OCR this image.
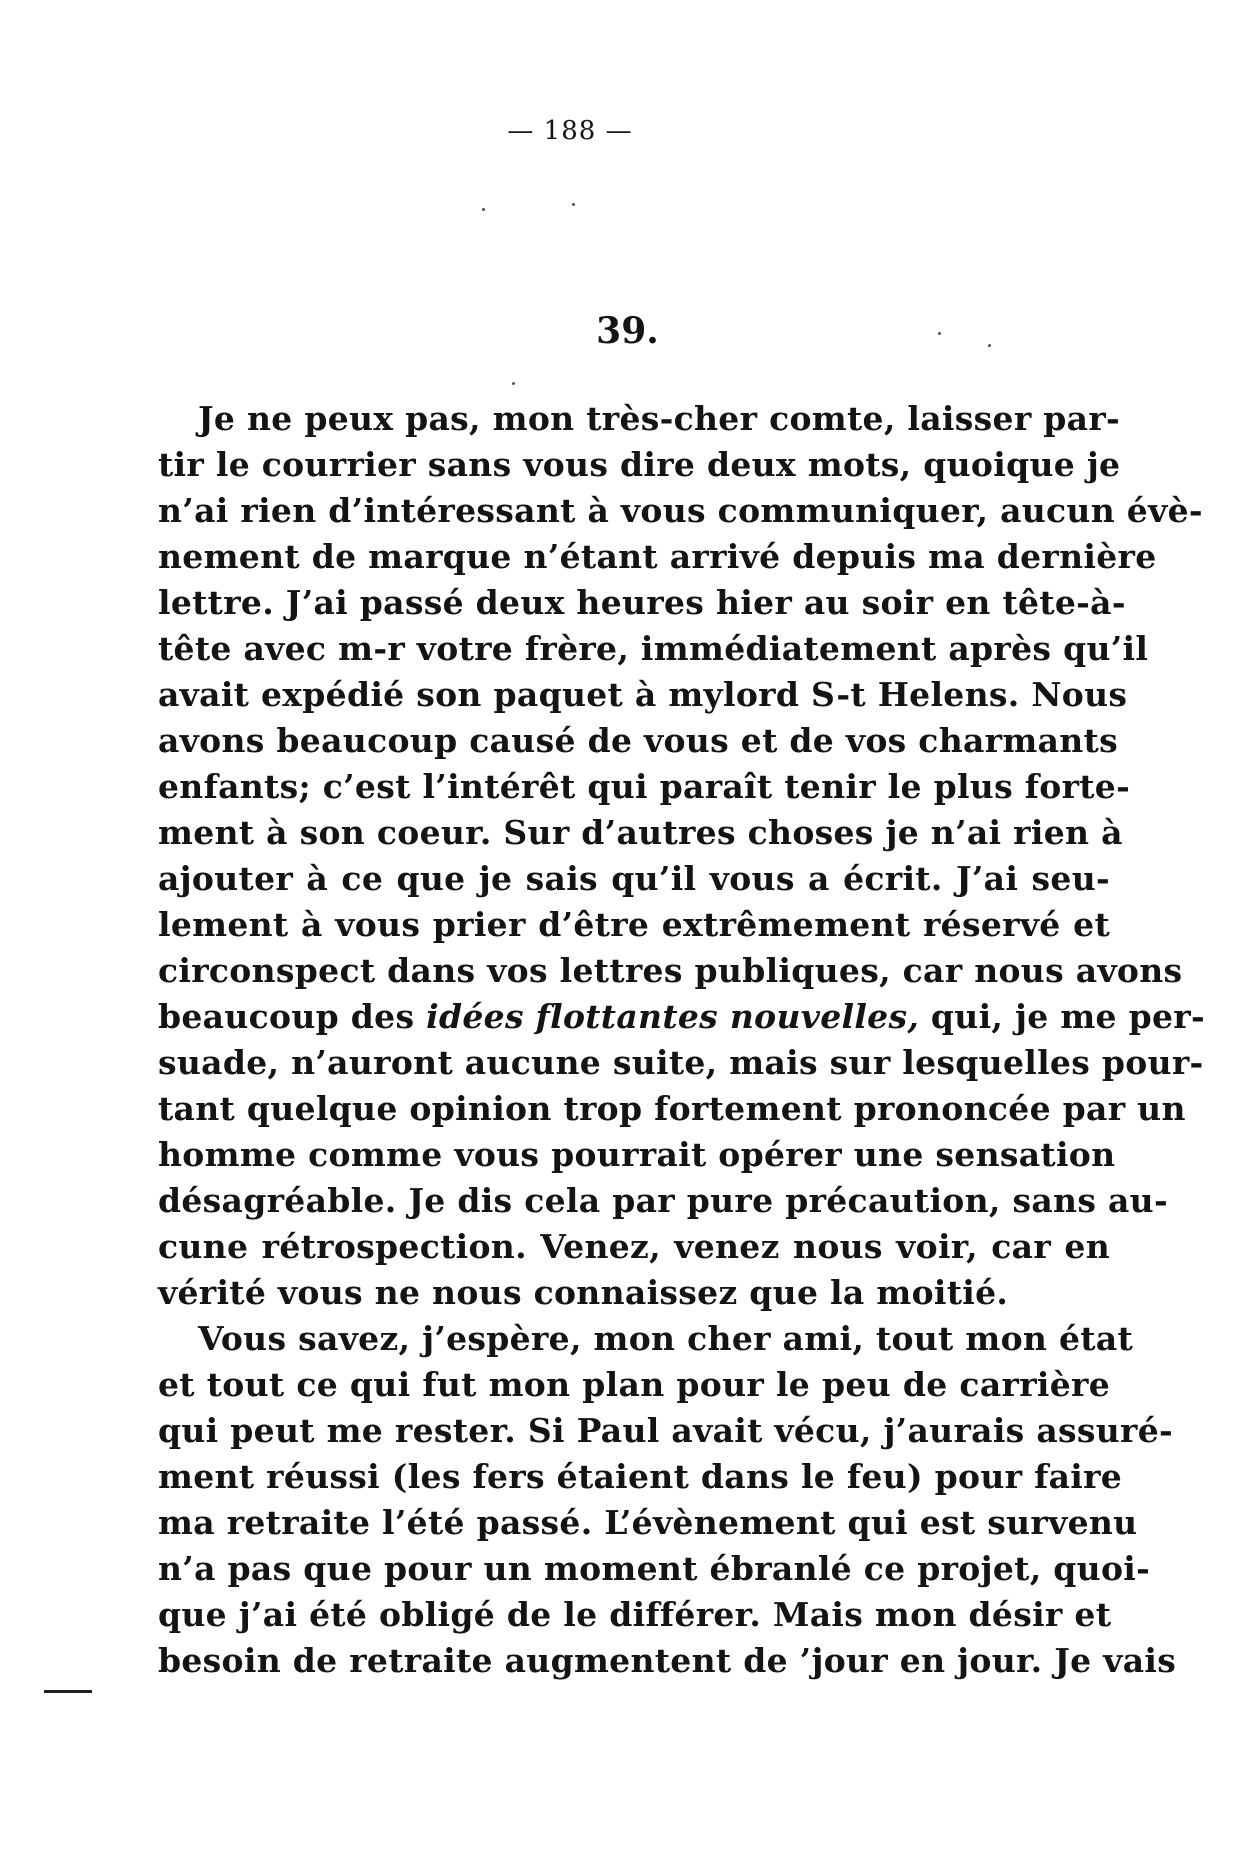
— 188 —
39.
Je ne peux pas, mon très-cher comte, laisser par-
tir le courrier sans vous dire deux mots, quoique je
n’ai rien d’intéressant à vous communiquer, aucun évè-
nement de marque n’étant arrivé depuis ma dernière
lettre. J’ai passé deux heures hier au soir en tête-à-
tête avec m-r votre frère, immédiatement après qu’il
avait expédié son paquet à mylord S-t Helens. Nous
avons beaucoup causé de vous et de vos charmants
enfants; c’est l’intérêt qui paraît tenir le plus forte-
ment à son coeur. Sur d’autres choses je n’ai rien à
ajouter à ce que je sais qu’il vous a écrit. J’ai seu-
lement à vous prier d’être extrêmement réservé et
circonspect dans vos lettres publiques, car nous avons
beaucoup des idées flottantes nouvelles, qui, je me per-
suade, n’auront aucune suite, mais sur lesquelles pour-
tant quelque opinion trop fortement prononcée par un
homme comme vous pourrait opérer une sensation
désagréable. Je dis cela par pure précaution, sans au-
cune rétrospection. Venez, venez nous voir, car en
vérité vous ne nous connaissez que la moitié.
Vous savez, j’espère, mon cher ami, tout mon état
et tout ce qui fut mon plan pour le peu de carrière
qui peut me rester. Si Paul avait vécu, j’aurais assuré-
ment réussi (les fers étaient dans le feu) pour faire
ma retraite l’été passé. L’évènement qui est survenu
n’a pas que pour un moment ébranlé ce projet, quoi-
que j’ai été obligé de le différer. Mais mon désir et
besoin de retraite augmentent de ’jour en jour. Je vais
